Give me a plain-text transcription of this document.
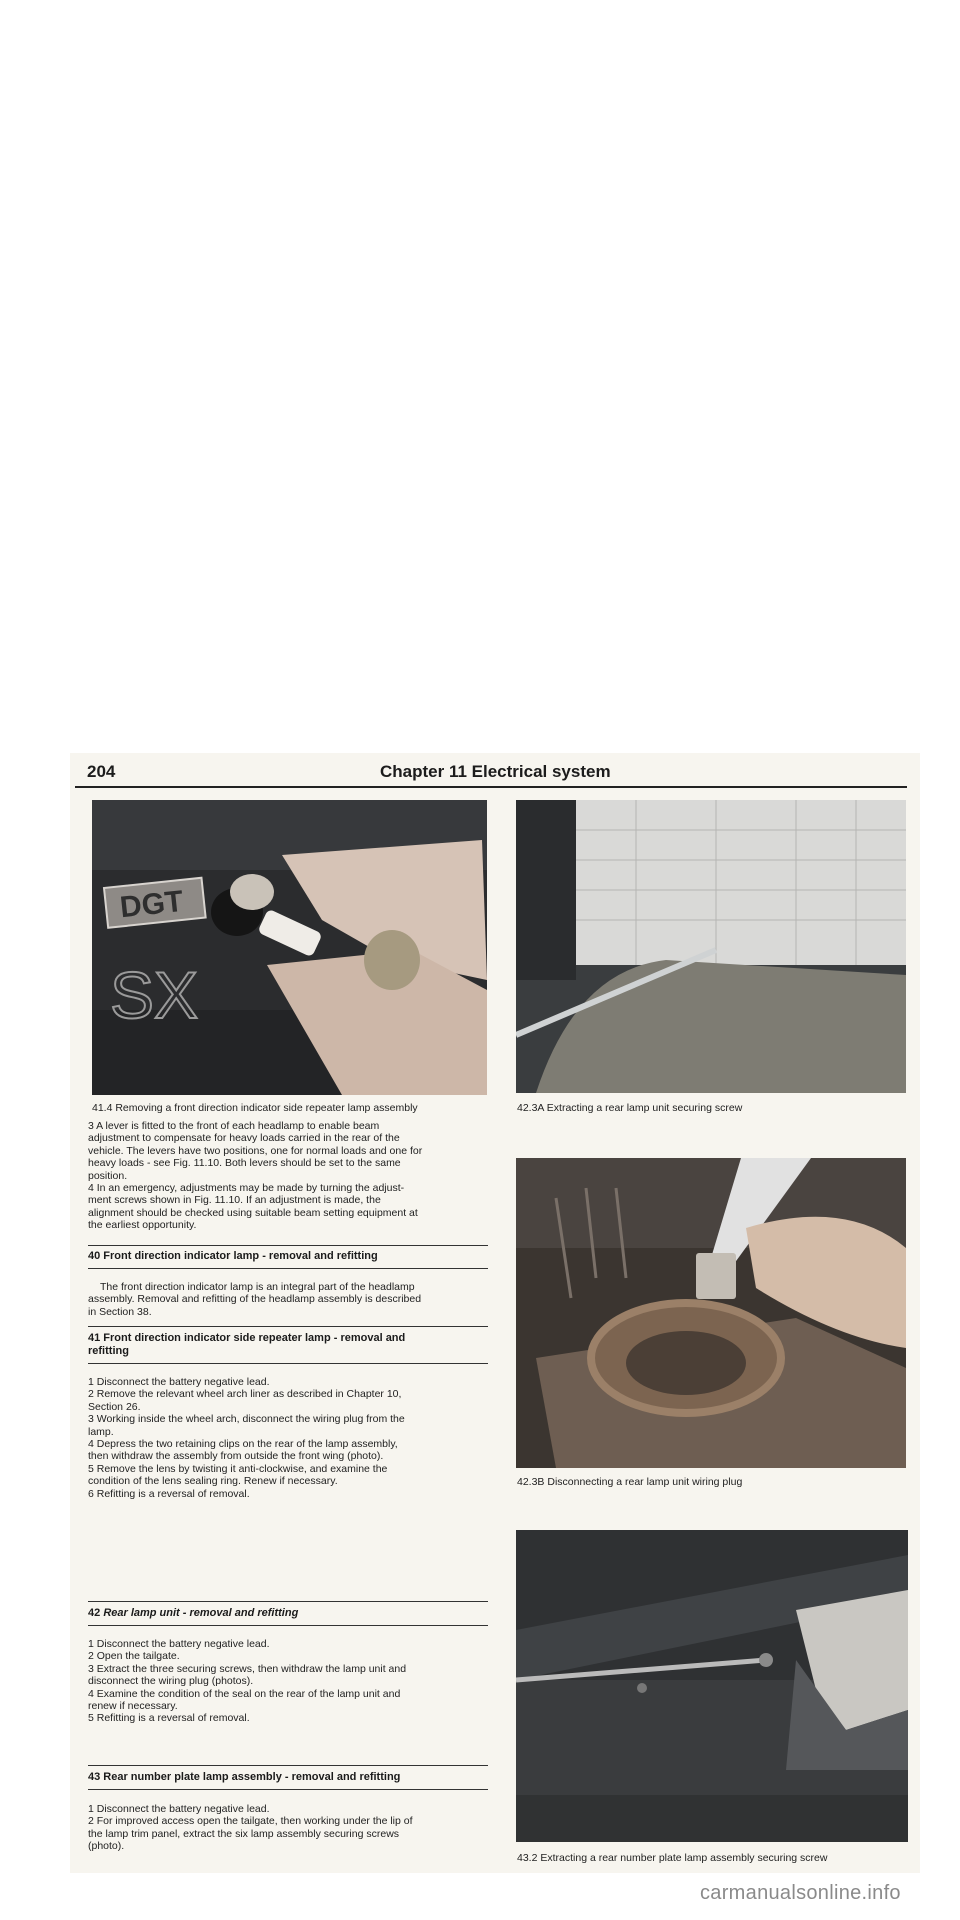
204	Chapter 11 Electrical system
DGT
SX
41.4 Removing a front direction indicator side repeater lamp assembly	42.3A Extracting a rear lamp unit securing screw
42.3B Disconnecting a rear lamp unit wiring plug
43.2 Extracting a rear number plate lamp assembly securing screw
3 A lever is fitted to the front of each headlamp to enable beam
adjustment to compensate for heavy loads carried in the rear of the
vehicle. The levers have two positions, one for normal loads and one for
heavy loads - see Fig. 11.10. Both levers should be set to the same
position.
4 In an emergency, adjustments may be made by turning the adjust-
ment screws shown in Fig. 11.10. If an adjustment is made, the
alignment should be checked using suitable beam setting equipment at
the earliest opportunity.
40 Front direction indicator lamp - removal and refitting
The front direction indicator lamp is an integral part of the headlamp
assembly. Removal and refitting of the headlamp assembly is described
in Section 38.
41 Front direction indicator side repeater lamp - removal and
refitting
1 Disconnect the battery negative lead.
2 Remove the relevant wheel arch liner as described in Chapter 10,
Section 26.
3 Working inside the wheel arch, disconnect the wiring plug from the
lamp.
4 Depress the two retaining clips on the rear of the lamp assembly,
then withdraw the assembly from outside the front wing (photo).
5 Remove the lens by twisting it anti-clockwise, and examine the
condition of the lens sealing ring. Renew if necessary.
6 Refitting is a reversal of removal.
42 Rear lamp unit - removal and refitting
1 Disconnect the battery negative lead.
2 Open the tailgate.
3 Extract the three securing screws, then withdraw the lamp unit and
disconnect the wiring plug (photos).
4 Examine the condition of the seal on the rear of the lamp unit and
renew if necessary.
5 Refitting is a reversal of removal.
43 Rear number plate lamp assembly - removal and refitting
1 Disconnect the battery negative lead.
2 For improved access open the tailgate, then working under the lip of
the lamp trim panel, extract the six lamp assembly securing screws
(photo).
carmanualsonline.info
